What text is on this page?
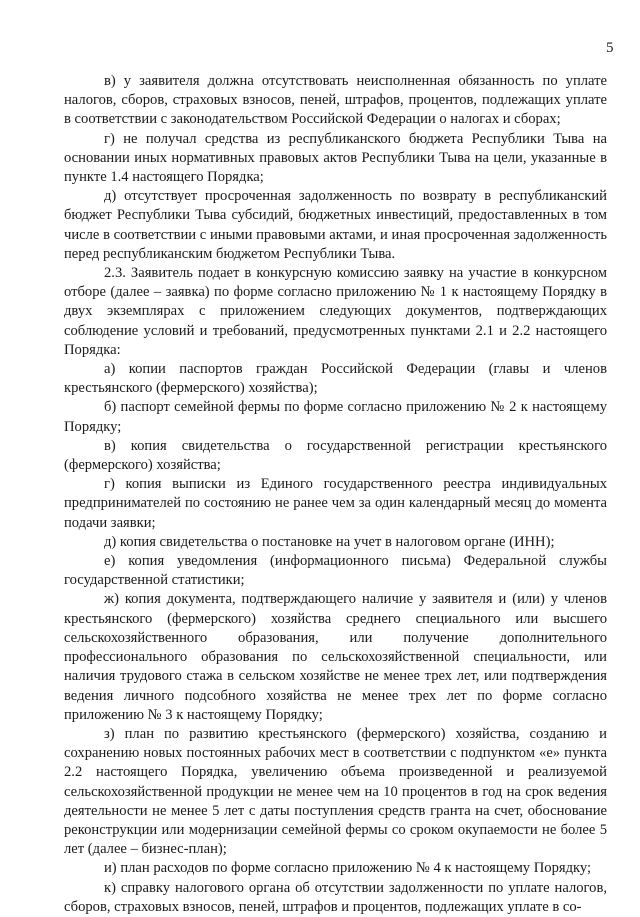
5

в) у заявителя должна отсутствовать неисполненная обязанность по уплате налогов, сборов, страховых взносов, пеней, штрафов, процентов, подлежащих уплате в соответствии с законодательством Российской Федерации о налогах и сборах;

г) не получал средства из республиканского бюджета Республики Тыва на основании иных нормативных правовых актов Республики Тыва на цели, указанные в пункте 1.4 настоящего Порядка;

д) отсутствует просроченная задолженность по возврату в республиканский бюджет Республики Тыва субсидий, бюджетных инвестиций, предоставленных в том числе в соответствии с иными правовыми актами, и иная просроченная задолженность перед республиканским бюджетом Республики Тыва.

2.3. Заявитель подает в конкурсную комиссию заявку на участие в конкурсном отборе (далее – заявка) по форме согласно приложению № 1 к настоящему Порядку в двух экземплярах с приложением следующих документов, подтверждающих соблюдение условий и требований, предусмотренных пунктами 2.1 и 2.2 настоящего Порядка:

а) копии паспортов граждан Российской Федерации (главы и членов крестьянского (фермерского) хозяйства);

б) паспорт семейной фермы по форме согласно приложению № 2 к настоящему Порядку;

в) копия свидетельства о государственной регистрации крестьянского (фермерского) хозяйства;

г) копия выписки из Единого государственного реестра индивидуальных предпринимателей по состоянию не ранее чем за один календарный месяц до момента подачи заявки;

д) копия свидетельства о постановке на учет в налоговом органе (ИНН);

е) копия уведомления (информационного письма) Федеральной службы государственной статистики;

ж) копия документа, подтверждающего наличие у заявителя и (или) у членов крестьянского (фермерского) хозяйства среднего специального или высшего сельскохозяйственного образования, или получение дополнительного профессионального образования по сельскохозяйственной специальности, или наличия трудового стажа в сельском хозяйстве не менее трех лет, или подтверждения ведения личного подсобного хозяйства не менее трех лет по форме согласно приложению № 3 к настоящему Порядку;

з) план по развитию крестьянского (фермерского) хозяйства, созданию и сохранению новых постоянных рабочих мест в соответствии с подпунктом «е» пункта 2.2 настоящего Порядка, увеличению объема произведенной и реализуемой сельскохозяйственной продукции не менее чем на 10 процентов в год на срок ведения деятельности не менее 5 лет с даты поступления средств гранта на счет, обоснование реконструкции или модернизации семейной фермы со сроком окупаемости не более 5 лет (далее – бизнес-план);

и) план расходов по форме согласно приложению № 4 к настоящему Порядку;

к) справку налогового органа об отсутствии задолженности по уплате налогов, сборов, страховых взносов, пеней, штрафов и процентов, подлежащих уплате в со-
